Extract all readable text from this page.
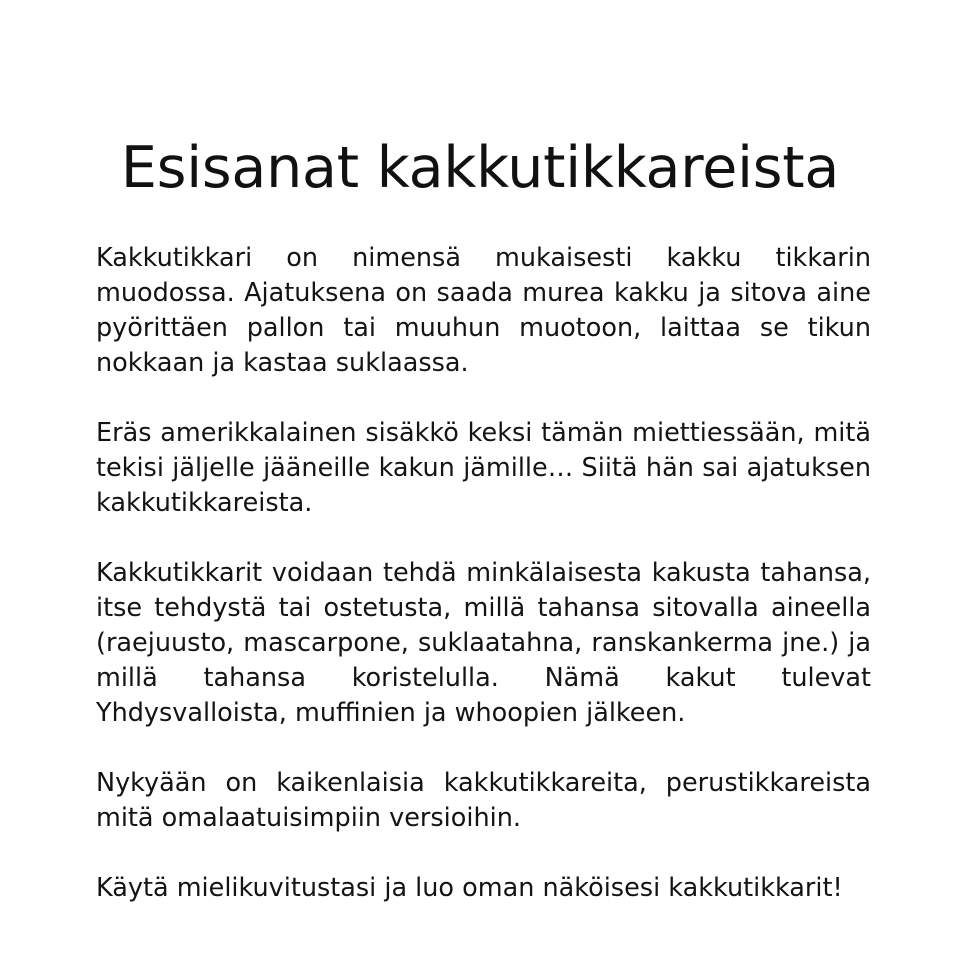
Esisanat kakkutikkareista

Kakkutikkari on nimensä mukaisesti kakku tikkarin muodossa. Ajatuksena on saada murea kakku ja sitova aine pyörittäen pallon tai muuhun muotoon, laittaa se tikun nokkaan ja kastaa suklaassa.

Eräs amerikkalainen sisäkkö keksi tämän miettiessään, mitä tekisi jäljelle jääneille kakun jämille… Siitä hän sai ajatuksen kakkutikkareista.

Kakkutikkarit voidaan tehdä minkälaisesta kakusta tahansa, itse tehdystä tai ostetusta, millä tahansa sitovalla aineella (raejuusto, mascarpone, suklaatahna, ranskankerma jne.) ja millä tahansa koristelulla. Nämä kakut tulevat Yhdysvalloista, muffinien ja whoopien jälkeen.

Nykyään on kaikenlaisia kakkutikkareita, perustikkareista mitä omalaatuisimpiin versioihin.

Käytä mielikuvitustasi ja luo oman näköisesi kakkutikkarit!
